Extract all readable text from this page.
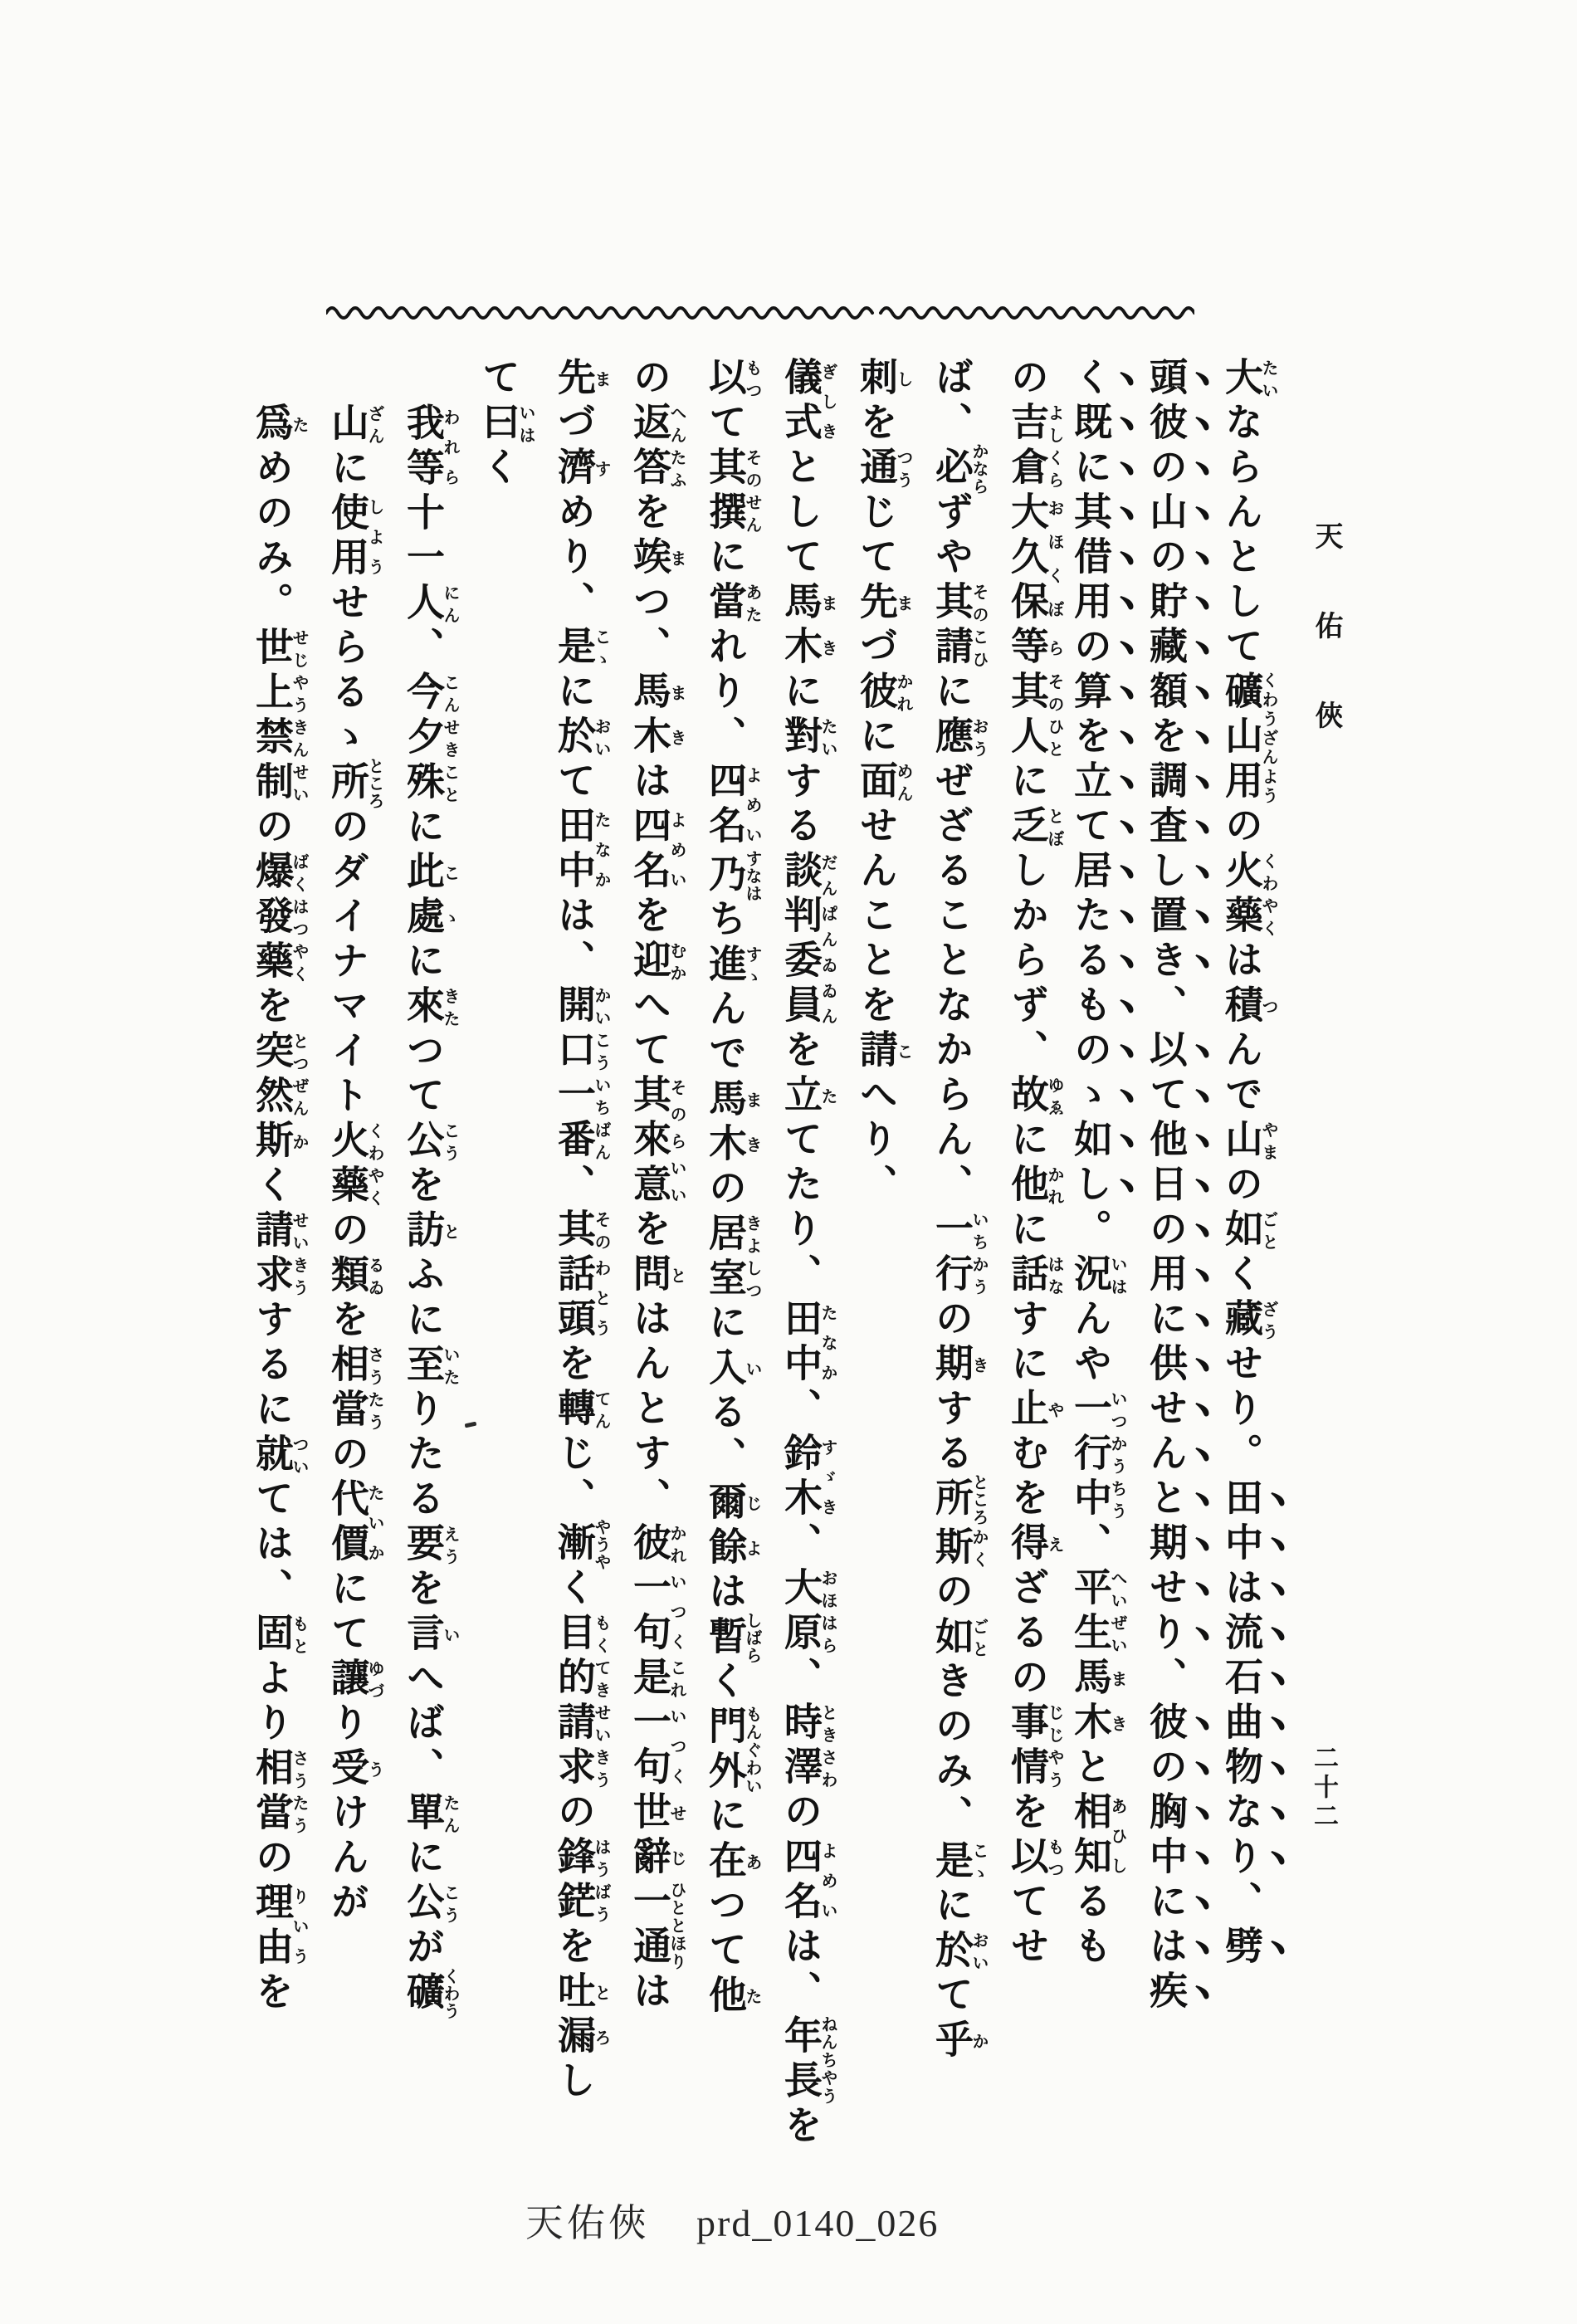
天佑俠

大たいならんとして礦山用くわうざんようの火藥くわやくは積つんで山やまの如ごとく藏ざうせり。田中は流石曲物なり、劈

頭彼の山の貯藏額を調査し置き、以て他日の用に供せんと期せり、彼の胸中には疾

く既に其借用の算を立て居たるものゝ如し。況いはんや一行中いつかうちう、平生へいぜい馬木まきと相知あひしるも

の吉倉よしくら大久保おほくぼ等ら其人そのひとに乏とぼしからず、故ゆゑに他かれに話はなすに止やむを得えざるの事情じじやうを以もつてせ

ば、必かならずや其請そのこひに應おうぜざることなからん、一行いちかうの期きする所ところ斯かくの如ごときのみ、是こゝに於おいて乎か

刺しを通つうじて先まづ彼かれに面めんせんことを請こへり、

儀式ぎしきとして馬木まきに對たいする談判委員だんぱんゐゐんを立たてたり、田中たなか、鈴木すゞき、大原おほはら、時澤ときさわの四名よめいは、年長ねんちやうを

以もつて其撰そのせんに當あたれり、四名よめい乃すなはち進すゝんで馬木まきの居室きよしつに入いる、爾餘じよは暫しばらく門外もんぐわいに在あつて他た

の返答へんたふを竢まつ、馬木まきは四名よめいを迎むかへて其來意そのらいいを問とはんとす、彼かれ一句いつく是これ一句いつく世辭せじ一通ひととほりは

先まづ濟すめり、是こゝに於おいて田中たなかは、開口一番かいこういちばん、其その話頭わとうを轉てんじ、漸やうやく目的もくてき請求せいきうの鋒鋩はうばうを吐漏とろし

て曰いはく

我等われら十一人にん、今夕こんせき殊ことに此處こゝに來きたつて公こうを訪とふに至いたりたる要えうを言いへば、單たんに公こうが礦くわう

山ざんに使用しようせらるゝ所ところのダイナマイト火藥くわやくの類るゐを相當さうたうの代價たいかにて讓ゆづり受うけんが

爲ためのみ。世上せじやう禁制きんせいの爆發藥ばくはつやくを突然とつぜん斯かく請求せいきうするに就ついては、固もとより相當さうたうの理由りいうを

二十二
天佑俠 prd_0140_026
